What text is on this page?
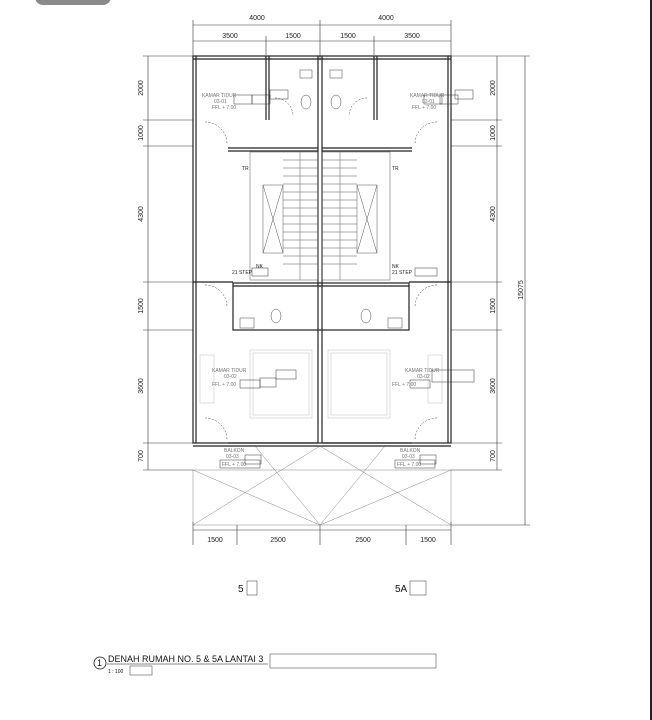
4000	4000
3500	1500	1500	3500
1500	2500	2500	1500
2000
1000
4300
1500
3600
700
2000
1000
4300
1500
3600
700
15075
KAMAR TIDUR
03-01
KAMAR TIDUR
03-01
KAMAR TIDUR
03-02
KAMAR TIDUR
03-02
BALKON
03-03
BALKON
03-03
TR	TR
NK	NK
21 STEP	21 STEP
FFL + 7.00	FFL + 7.00
FFL + 7.00	FFL + 7.00
FFL + 7.00	FFL + 7.00
5	5A
1 DENAH RUMAH NO. 5 & 5A LANTAI 3
1 : 100
